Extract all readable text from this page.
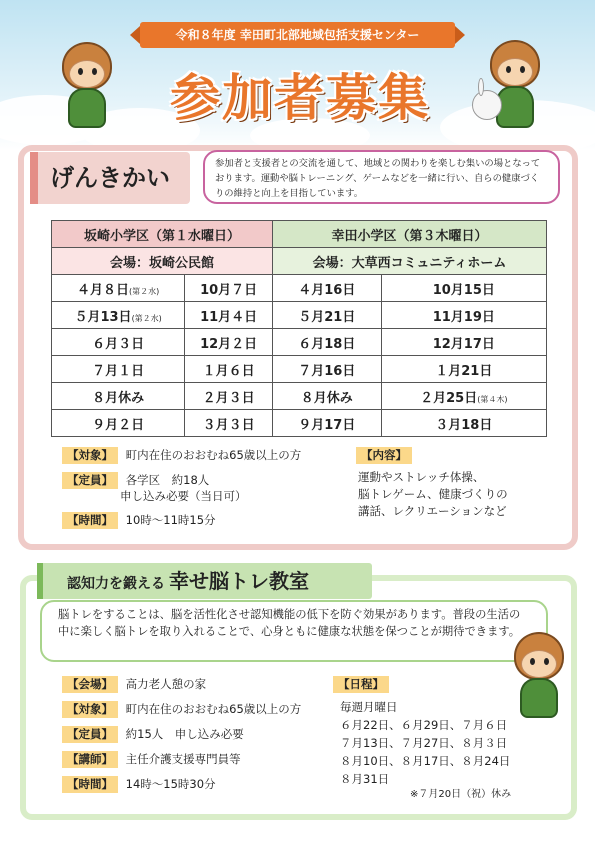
令和８年度 幸田町北部地域包括支援センター
参加者募集
げんきかい
参加者と支援者との交流を通して、地域との関わりを楽しむ集いの場となっております。運動や脳トレーニング、ゲームなどを一緒に行い、自らの健康づくりの維持と向上を目指しています。
坂崎小学区（第１水曜日）		幸田小学区（第３木曜日）	
会場：坂崎公民館		会場：大草西コミュニティホーム	
４月８日(第２水)	10月７日	４月16日	10月15日
５月13日(第２水)	11月４日	５月21日	11月19日
６月３日	12月２日	６月18日	12月17日
７月１日	１月６日	７月16日	１月21日
８月休み	２月３日	８月休み	２月25日(第４木)
９月２日	３月３日	９月17日	３月18日
【対象】 町内在住のおおむね65歳以上の方
【定員】 各学区　約18人
申し込み必要（当日可）
【時間】 10時～11時15分
【内容】
運動やストレッチ体操、
脳トレゲーム、健康づくりの
講話、レクリエーションなど
認知力を鍛える 幸せ脳トレ教室
脳トレをすることは、脳を活性化させ認知機能の低下を防ぐ効果があります。普段の生活の中に楽しく脳トレを取り入れることで、心身ともに健康な状態を保つことが期待できます。
【会場】 高力老人憩の家
【対象】 町内在住のおおむね65歳以上の方
【定員】 約15人　申し込み必要
【講師】 主任介護支援専門員等
【時間】 14時～15時30分
【日程】
毎週月曜日
６月22日、６月29日、７月６日
７月13日、７月27日、８月３日
８月10日、８月17日、８月24日
８月31日
※７月20日（祝）休み
